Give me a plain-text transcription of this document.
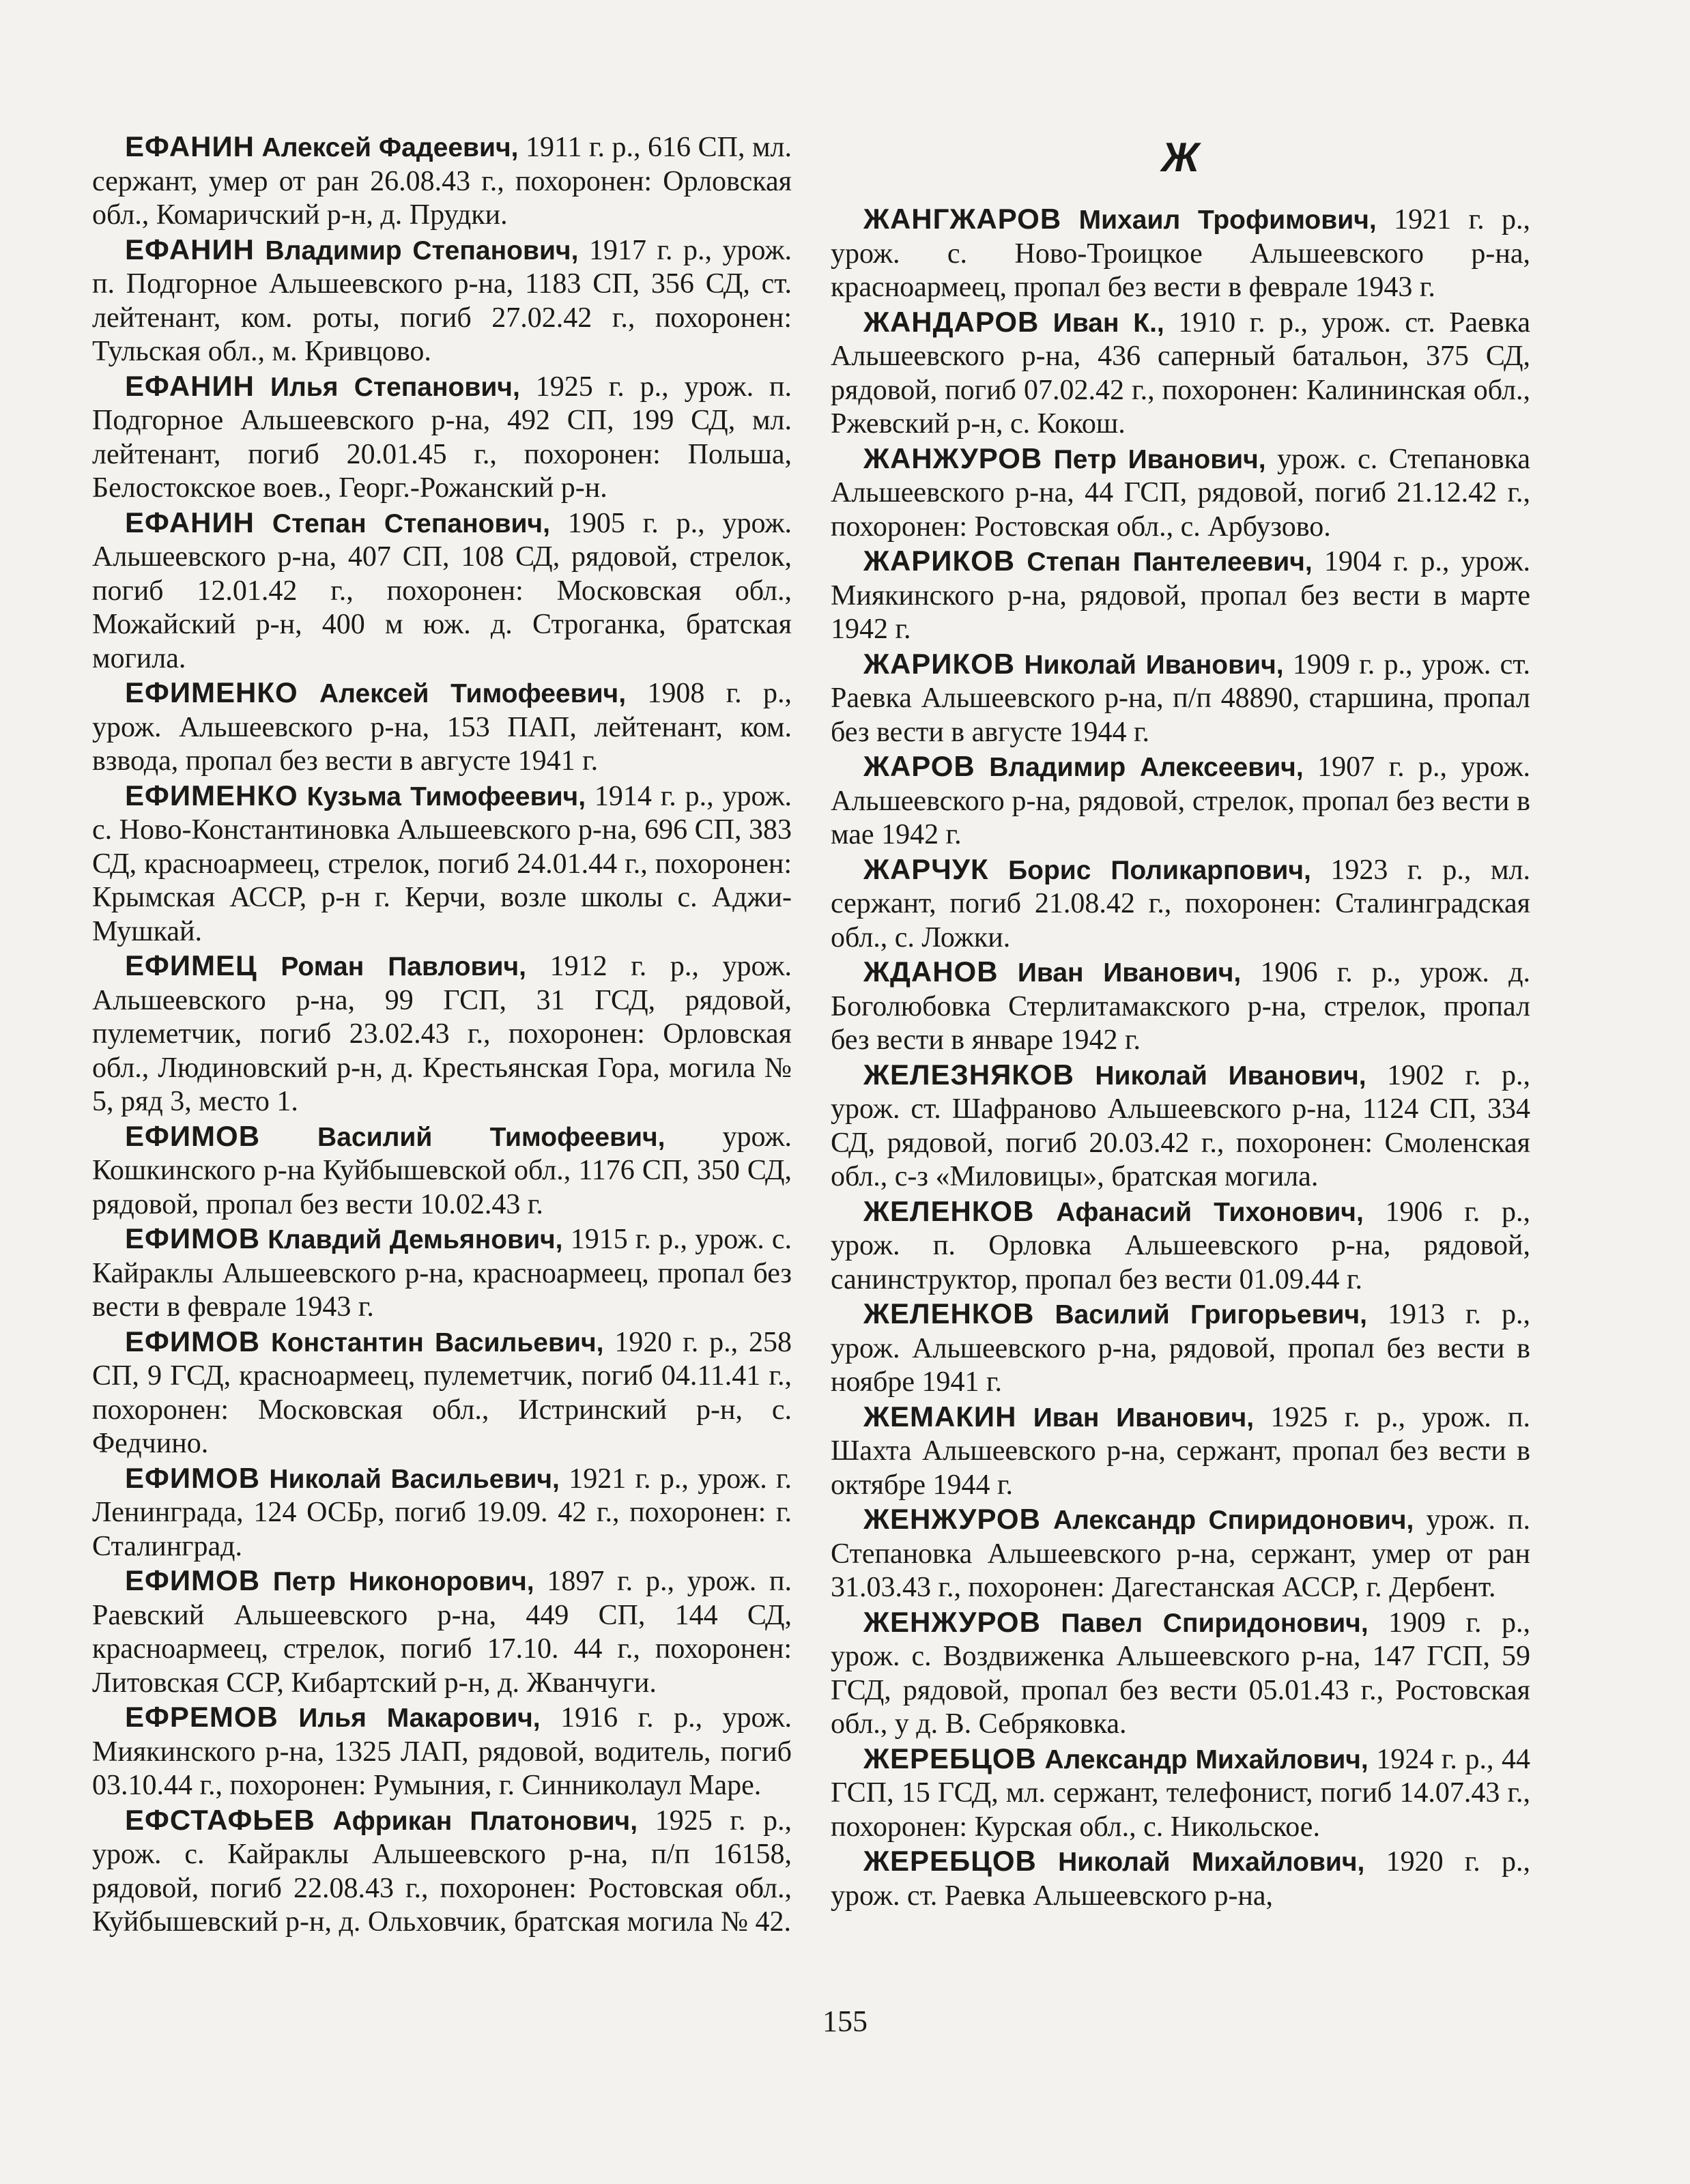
ЕФАНИН Алексей Фадеевич, 1911 г. р., 616 СП, мл. сержант, умер от ран 26.08.43 г., похоронен: Орловская обл., Комаричский р-н, д. Прудки.

ЕФАНИН Владимир Степанович, 1917 г. р., урож. п. Подгорное Альшеевского р-на, 1183 СП, 356 СД, ст. лейтенант, ком. роты, погиб 27.02.42 г., похоронен: Тульская обл., м. Кривцово.

ЕФАНИН Илья Степанович, 1925 г. р., урож. п. Подгорное Альшеевского р-на, 492 СП, 199 СД, мл. лейтенант, погиб 20.01.45 г., похоронен: Польша, Белостокское воев., Георг.-Рожанский р-н.

ЕФАНИН Степан Степанович, 1905 г. р., урож. Альшеевского р-на, 407 СП, 108 СД, рядовой, стрелок, погиб 12.01.42 г., похоронен: Московская обл., Можайский р-н, 400 м юж. д. Строганка, братская могила.

ЕФИМЕНКО Алексей Тимофеевич, 1908 г. р., урож. Альшеевского р-на, 153 ПАП, лейтенант, ком. взвода, пропал без вести в августе 1941 г.

ЕФИМЕНКО Кузьма Тимофеевич, 1914 г. р., урож. с. Ново-Константиновка Альшеевского р-на, 696 СП, 383 СД, красноармеец, стрелок, погиб 24.01.44 г., похоронен: Крымская АССР, р-н г. Керчи, возле школы с. Аджи-Мушкай.

ЕФИМЕЦ Роман Павлович, 1912 г. р., урож. Альшеевского р-на, 99 ГСП, 31 ГСД, рядовой, пулеметчик, погиб 23.02.43 г., похоронен: Орловская обл., Людиновский р-н, д. Крестьянская Гора, могила № 5, ряд 3, место 1.

ЕФИМОВ Василий Тимофеевич, урож. Кошкинского р-на Куйбышевской обл., 1176 СП, 350 СД, рядовой, пропал без вести 10.02.43 г.

ЕФИМОВ Клавдий Демьянович, 1915 г. р., урож. с. Кайраклы Альшеевского р-на, красноармеец, пропал без вести в феврале 1943 г.

ЕФИМОВ Константин Васильевич, 1920 г. р., 258 СП, 9 ГСД, красноармеец, пулеметчик, погиб 04.11.41 г., похоронен: Московская обл., Истринский р-н, с. Федчино.

ЕФИМОВ Николай Васильевич, 1921 г. р., урож. г. Ленинграда, 124 ОСБр, погиб 19.09. 42 г., похоронен: г. Сталинград.

ЕФИМОВ Петр Никонорович, 1897 г. р., урож. п. Раевский Альшеевского р-на, 449 СП, 144 СД, красноармеец, стрелок, погиб 17.10. 44 г., похоронен: Литовская ССР, Кибартский р-н, д. Жванчуги.

ЕФРЕМОВ Илья Макарович, 1916 г. р., урож. Миякинского р-на, 1325 ЛАП, рядовой, водитель, погиб 03.10.44 г., похоронен: Румыния, г. Синниколаул Маре.

ЕФСТАФЬЕВ Африкан Платонович, 1925 г. р., урож. с. Кайраклы Альшеевского р-на, п/п 16158, рядовой, погиб 22.08.43 г., похоронен: Ростовская обл., Куйбышевский р-н, д. Ольховчик, братская могила № 42.

Ж

ЖАНГЖАРОВ Михаил Трофимович, 1921 г. р., урож. с. Ново-Троицкое Альшеевского р-на, красноармеец, пропал без вести в феврале 1943 г.

ЖАНДАРОВ Иван К., 1910 г. р., урож. ст. Раевка Альшеевского р-на, 436 саперный батальон, 375 СД, рядовой, погиб 07.02.42 г., похоронен: Калининская обл., Ржевский р-н, с. Кокош.

ЖАНЖУРОВ Петр Иванович, урож. с. Степановка Альшеевского р-на, 44 ГСП, рядовой, погиб 21.12.42 г., похоронен: Ростовская обл., с. Арбузово.

ЖАРИКОВ Степан Пантелеевич, 1904 г. р., урож. Миякинского р-на, рядовой, пропал без вести в марте 1942 г.

ЖАРИКОВ Николай Иванович, 1909 г. р., урож. ст. Раевка Альшеевского р-на, п/п 48890, старшина, пропал без вести в августе 1944 г.

ЖАРОВ Владимир Алексеевич, 1907 г. р., урож. Альшеевского р-на, рядовой, стрелок, пропал без вести в мае 1942 г.

ЖАРЧУК Борис Поликарпович, 1923 г. р., мл. сержант, погиб 21.08.42 г., похоронен: Сталинградская обл., с. Ложки.

ЖДАНОВ Иван Иванович, 1906 г. р., урож. д. Боголюбовка Стерлитамакского р-на, стрелок, пропал без вести в январе 1942 г.

ЖЕЛЕЗНЯКОВ Николай Иванович, 1902 г. р., урож. ст. Шафраново Альшеевского р-на, 1124 СП, 334 СД, рядовой, погиб 20.03.42 г., похоронен: Смоленская обл., с-з «Миловицы», братская могила.

ЖЕЛЕНКОВ Афанасий Тихонович, 1906 г. р., урож. п. Орловка Альшеевского р-на, рядовой, санинструктор, пропал без вести 01.09.44 г.

ЖЕЛЕНКОВ Василий Григорьевич, 1913 г. р., урож. Альшеевского р-на, рядовой, пропал без вести в ноябре 1941 г.

ЖЕМАКИН Иван Иванович, 1925 г. р., урож. п. Шахта Альшеевского р-на, сержант, пропал без вести в октябре 1944 г.

ЖЕНЖУРОВ Александр Спиридонович, урож. п. Степановка Альшеевского р-на, сержант, умер от ран 31.03.43 г., похоронен: Дагестанская АССР, г. Дербент.

ЖЕНЖУРОВ Павел Спиридонович, 1909 г. р., урож. с. Воздвиженка Альшеевского р-на, 147 ГСП, 59 ГСД, рядовой, пропал без вести 05.01.43 г., Ростовская обл., у д. В. Себряковка.

ЖЕРЕБЦОВ Александр Михайлович, 1924 г. р., 44 ГСП, 15 ГСД, мл. сержант, телефонист, погиб 14.07.43 г., похоронен: Курская обл., с. Никольское.

ЖЕРЕБЦОВ Николай Михайлович, 1920 г. р., урож. ст. Раевка Альшеевского р-на,

155
